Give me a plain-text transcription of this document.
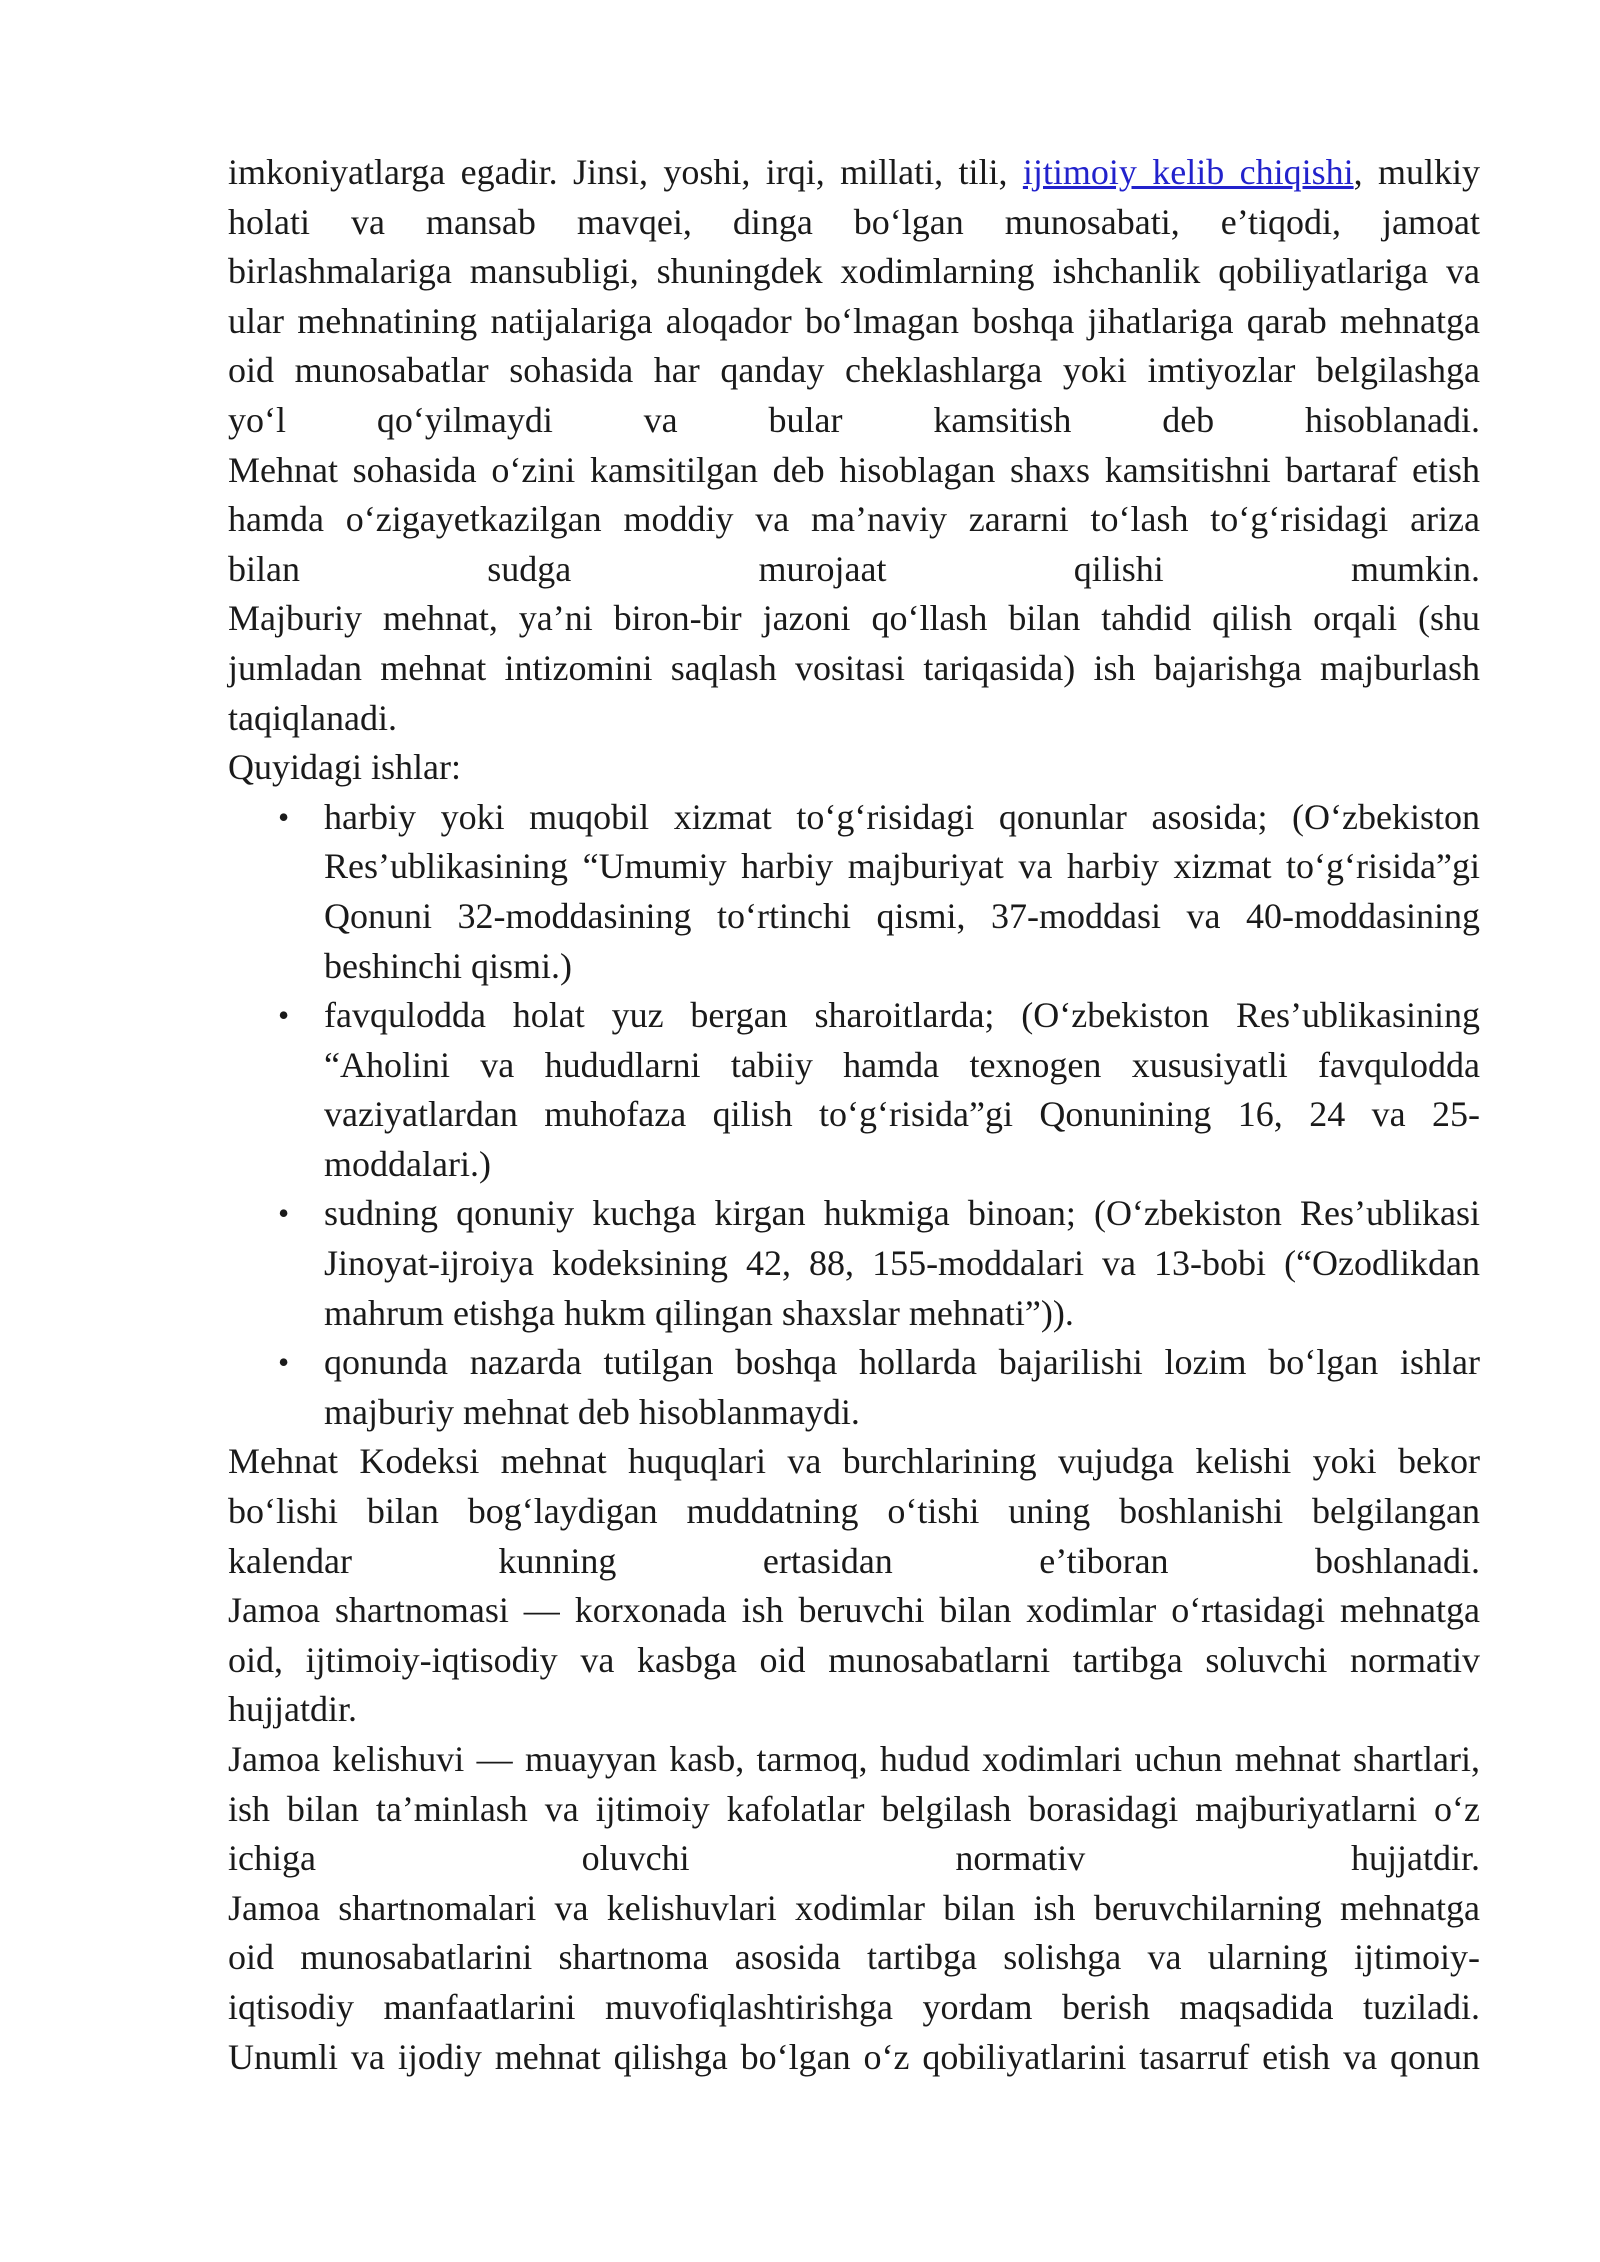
imkoniyatlarga egadir. Jinsi, yoshi, irqi, millati, tili, ijtimoiy kelib chiqishi, mulkiy
holati va mansab mavqei, dinga bo‘lgan munosabati, e’tiqodi, jamoat
birlashmalariga mansubligi, shuningdek xodimlarning ishchanlik qobiliyatlariga va
ular mehnatining natijalariga aloqador bo‘lmagan boshqa jihatlariga qarab mehnatga
oid munosabatlar sohasida har qanday cheklashlarga yoki imtiyozlar belgilashga
yo‘l qo‘yilmaydi va bular kamsitish deb hisoblanadi.
Mehnat sohasida o‘zini kamsitilgan deb hisoblagan shaxs kamsitishni bartaraf etish
hamda o‘zigayetkazilgan moddiy va ma’naviy zararni to‘lash to‘g‘risidagi ariza
bilan sudga murojaat qilishi mumkin.
Majburiy mehnat, ya’ni biron-bir jazoni qo‘llash bilan tahdid qilish orqali (shu
jumladan mehnat intizomini saqlash vositasi tariqasida) ish bajarishga majburlash
taqiqlanadi.
Quyidagi ishlar:
• harbiy yoki muqobil xizmat to‘g‘risidagi qonunlar asosida; (O‘zbekiston
Res’ublikasining “Umumiy harbiy majburiyat va harbiy xizmat to‘g‘risida”gi
Qonuni 32-moddasining to‘rtinchi qismi, 37-moddasi va 40-moddasining
beshinchi qismi.)
• favqulodda holat yuz bergan sharoitlarda; (O‘zbekiston Res’ublikasining
“Aholini va hududlarni tabiiy hamda texnogen xususiyatli favqulodda
vaziyatlardan muhofaza qilish to‘g‘risida”gi Qonunining 16, 24 va 25-
moddalari.)
• sudning qonuniy kuchga kirgan hukmiga binoan; (O‘zbekiston Res’ublikasi
Jinoyat-ijroiya kodeksining 42, 88, 155-moddalari va 13-bobi (“Ozodlikdan
mahrum etishga hukm qilingan shaxslar mehnati”)).
• qonunda nazarda tutilgan boshqa hollarda bajarilishi lozim bo‘lgan ishlar
majburiy mehnat deb hisoblanmaydi.
Mehnat Kodeksi mehnat huquqlari va burchlarining vujudga kelishi yoki bekor
bo‘lishi bilan bog‘laydigan muddatning o‘tishi uning boshlanishi belgilangan
kalendar kunning ertasidan e’tiboran boshlanadi.
Jamoa shartnomasi — korxonada ish beruvchi bilan xodimlar o‘rtasidagi mehnatga
oid, ijtimoiy-iqtisodiy va kasbga oid munosabatlarni tartibga soluvchi normativ
hujjatdir.
Jamoa kelishuvi — muayyan kasb, tarmoq, hudud xodimlari uchun mehnat shartlari,
ish bilan ta’minlash va ijtimoiy kafolatlar belgilash borasidagi majburiyatlarni o‘z
ichiga oluvchi normativ hujjatdir.
Jamoa shartnomalari va kelishuvlari xodimlar bilan ish beruvchilarning mehnatga
oid munosabatlarini shartnoma asosida tartibga solishga va ularning ijtimoiy-
iqtisodiy manfaatlarini muvofiqlashtirishga yordam berish maqsadida tuziladi.
Unumli va ijodiy mehnat qilishga bo‘lgan o‘z qobiliyatlarini tasarruf etish va qonun
